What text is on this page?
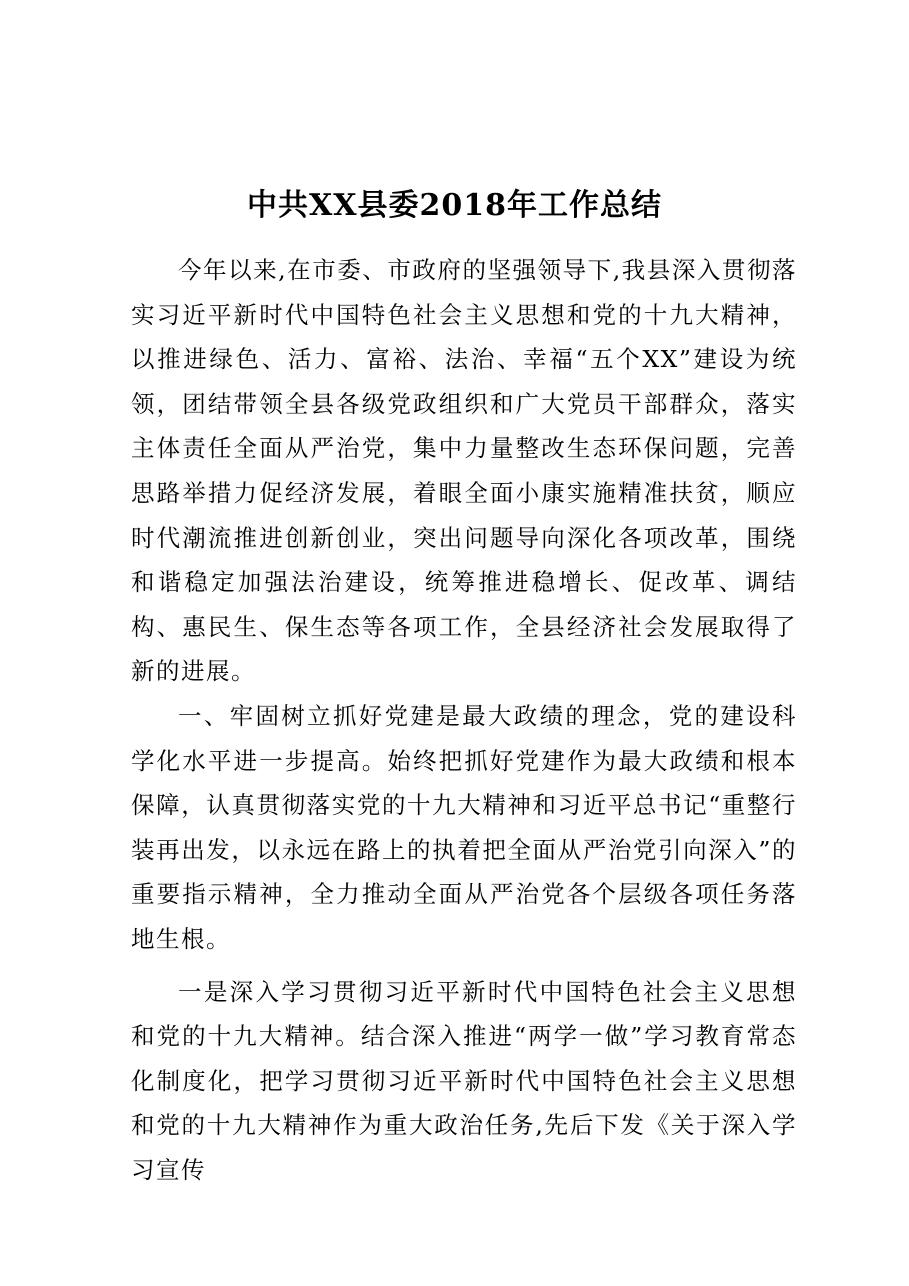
中共XX县委2018年工作总结

今年以来,在市委、市政府的坚强领导下,我县深入贯彻落实习近平新时代中国特色社会主义思想和党的十九大精神，以推进绿色、活力、富裕、法治、幸福“五个XX”建设为统领，团结带领全县各级党政组织和广大党员干部群众，落实主体责任全面从严治党，集中力量整改生态环保问题，完善思路举措力促经济发展，着眼全面小康实施精准扶贫，顺应时代潮流推进创新创业，突出问题导向深化各项改革，围绕和谐稳定加强法治建设，统筹推进稳增长、促改革、调结构、惠民生、保生态等各项工作，全县经济社会发展取得了新的进展。

一、牢固树立抓好党建是最大政绩的理念，党的建设科学化水平进一步提高。始终把抓好党建作为最大政绩和根本保障，认真贯彻落实党的十九大精神和习近平总书记“重整行装再出发，以永远在路上的执着把全面从严治党引向深入”的重要指示精神，全力推动全面从严治党各个层级各项任务落地生根。

一是深入学习贯彻习近平新时代中国特色社会主义思想和党的十九大精神。结合深入推进“两学一做”学习教育常态化制度化，把学习贯彻习近平新时代中国特色社会主义思想和党的十九大精神作为重大政治任务,先后下发《关于深入学习宣传
